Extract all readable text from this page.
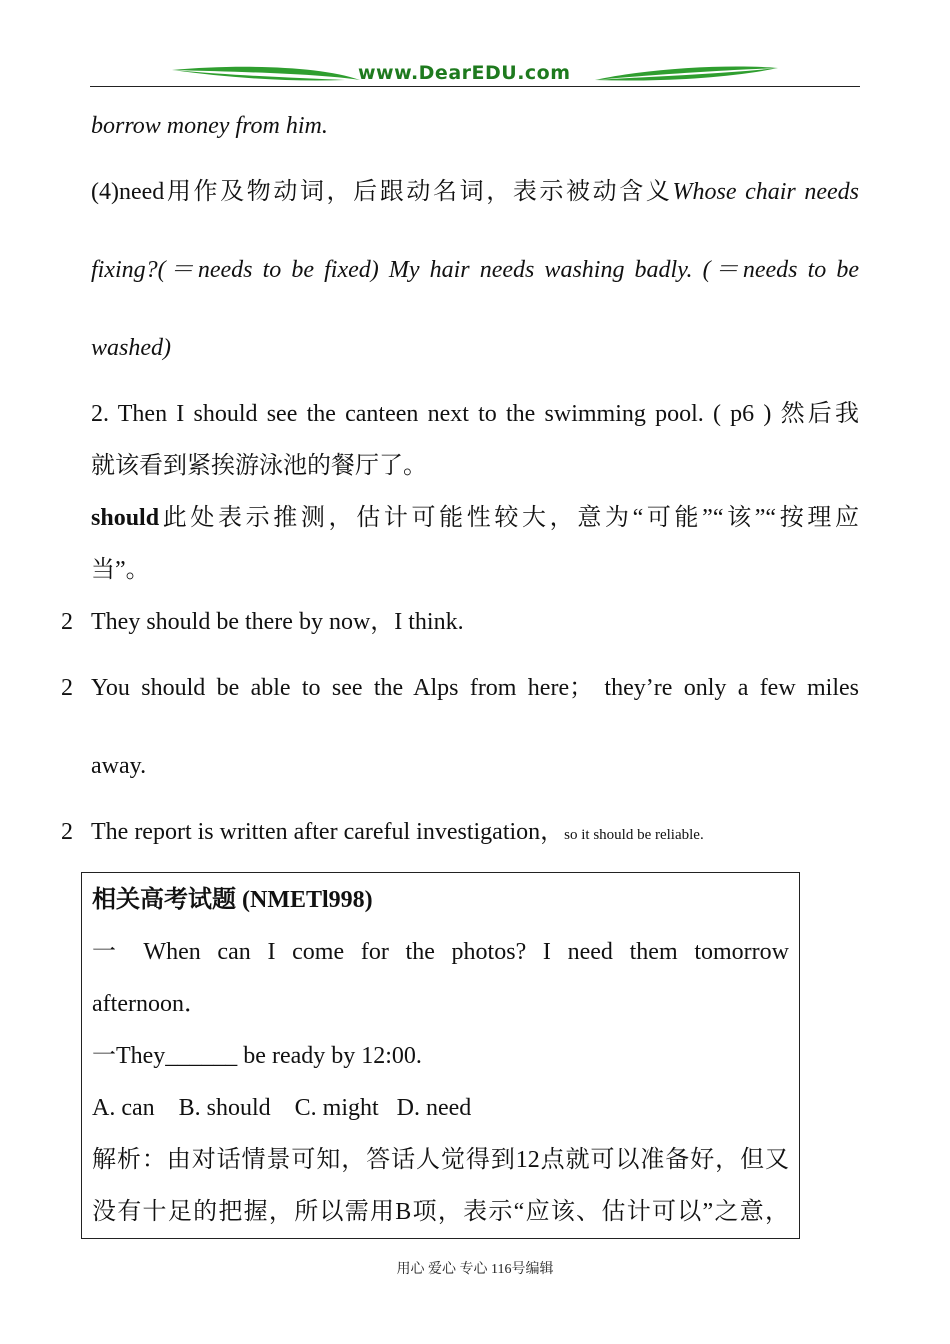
www.DearEDU.com
borrow money from him.
(4)need用作及物动词，后跟动名词，表示被动含义Whose chair needs
fixing?(＝needs to be fixed) My hair needs washing badly. (＝needs to be
washed)
2. Then I should see the canteen next to the swimming pool. ( p6 ) 然后我
就该看到紧挨游泳池的餐厅了。
should此处表示推测，估计可能性较大，意为“可能”“该”“按理应
当”。
2 They should be there by now，I think.
2 You should be able to see the Alps from here； they’re only a few miles
away.
2 The report is written after careful investigation，so it should be reliable.
相关高考试题 (NMETl998)
一 When can I come for the photos? I need them tomorrow
afternoon．
一They______ be ready by 12:00.
A. can    B. should    C. might   D. need
解析：由对话情景可知，答话人觉得到12点就可以准备好，但又
没有十足的把握，所以需用B项，表示“应该、估计可以”之意，
用心 爱心 专心 116号编辑
